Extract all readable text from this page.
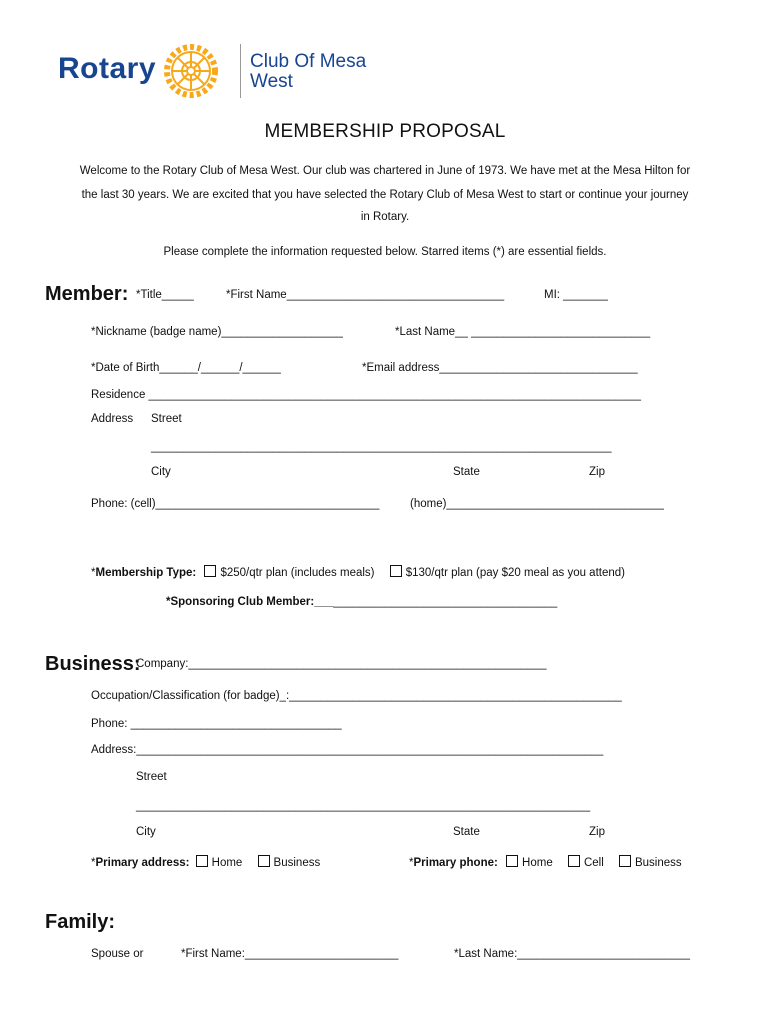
Rotary	Club Of Mesa
West
MEMBERSHIP PROPOSAL
Welcome to the Rotary Club of Mesa West. Our club was chartered in June of 1973. We have met at the Mesa Hilton for
the last 30 years. We are excited that you have selected the Rotary Club of Mesa West to start or continue your journey
in Rotary.
Please complete the information requested below. Starred items (*) are essential fields.
Member: *Title_____	*First Name__________________________________	MI: _______
*Nickname (badge name)___________________	*Last Name__ ____________________________
*Date of Birth______/______/______	*Email address_______________________________
Residence _____________________________________________________________________________
Address Street
________________________________________________________________________
City	State	Zip
Phone: (cell)___________________________________	(home)__________________________________
*Membership Type: $250/qtr plan (includes meals)	$130/qtr plan (pay $20 meal as you attend)
*Sponsoring Club Member:______________________________________
Business:
Company:________________________________________________________
Occupation/Classification (for badge)_:____________________________________________________
Phone: _________________________________
Address:_________________________________________________________________________
Street
_______________________________________________________________________
City	State	Zip
*Primary address: Home	Business	*Primary phone: Home	Cell	Business
Family:
Spouse or	*First Name:________________________	*Last Name:___________________________
